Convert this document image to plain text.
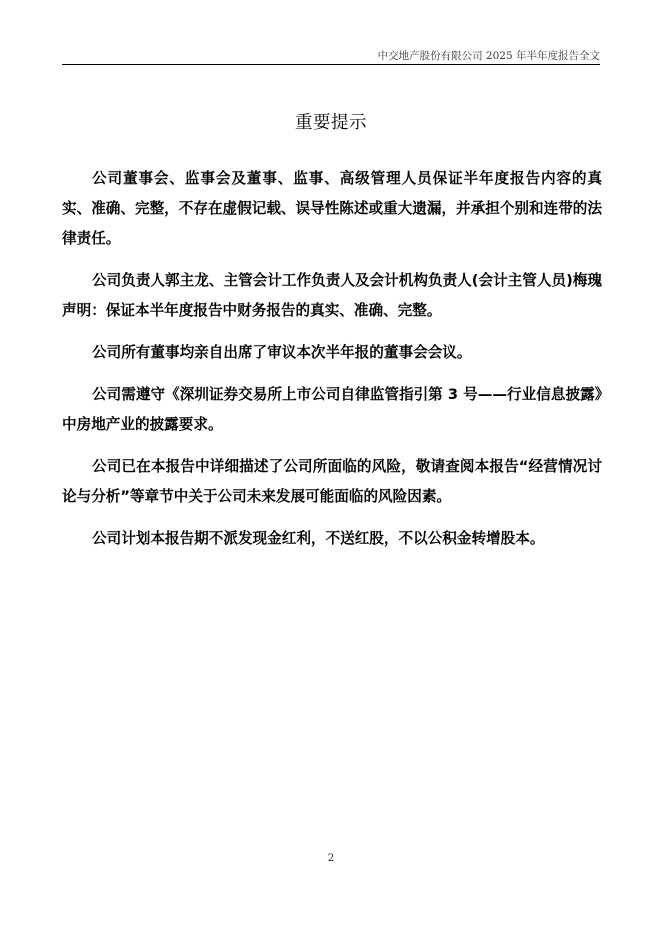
中交地产股份有限公司 2025 年半年度报告全文
重要提示

公司董事会、监事会及董事、监事、高级管理人员保证半年度报告内容的真实、准确、完整，不存在虚假记载、误导性陈述或重大遗漏，并承担个别和连带的法律责任。

公司负责人郭主龙、主管会计工作负责人及会计机构负责人(会计主管人员)梅瑰声明：保证本半年度报告中财务报告的真实、准确、完整。

公司所有董事均亲自出席了审议本次半年报的董事会会议。

公司需遵守《深圳证券交易所上市公司自律监管指引第 3 号——行业信息披露》中房地产业的披露要求。

公司已在本报告中详细描述了公司所面临的风险，敬请查阅本报告“经营情况讨论与分析”等章节中关于公司未来发展可能面临的风险因素。

公司计划本报告期不派发现金红利，不送红股，不以公积金转增股本。

2
